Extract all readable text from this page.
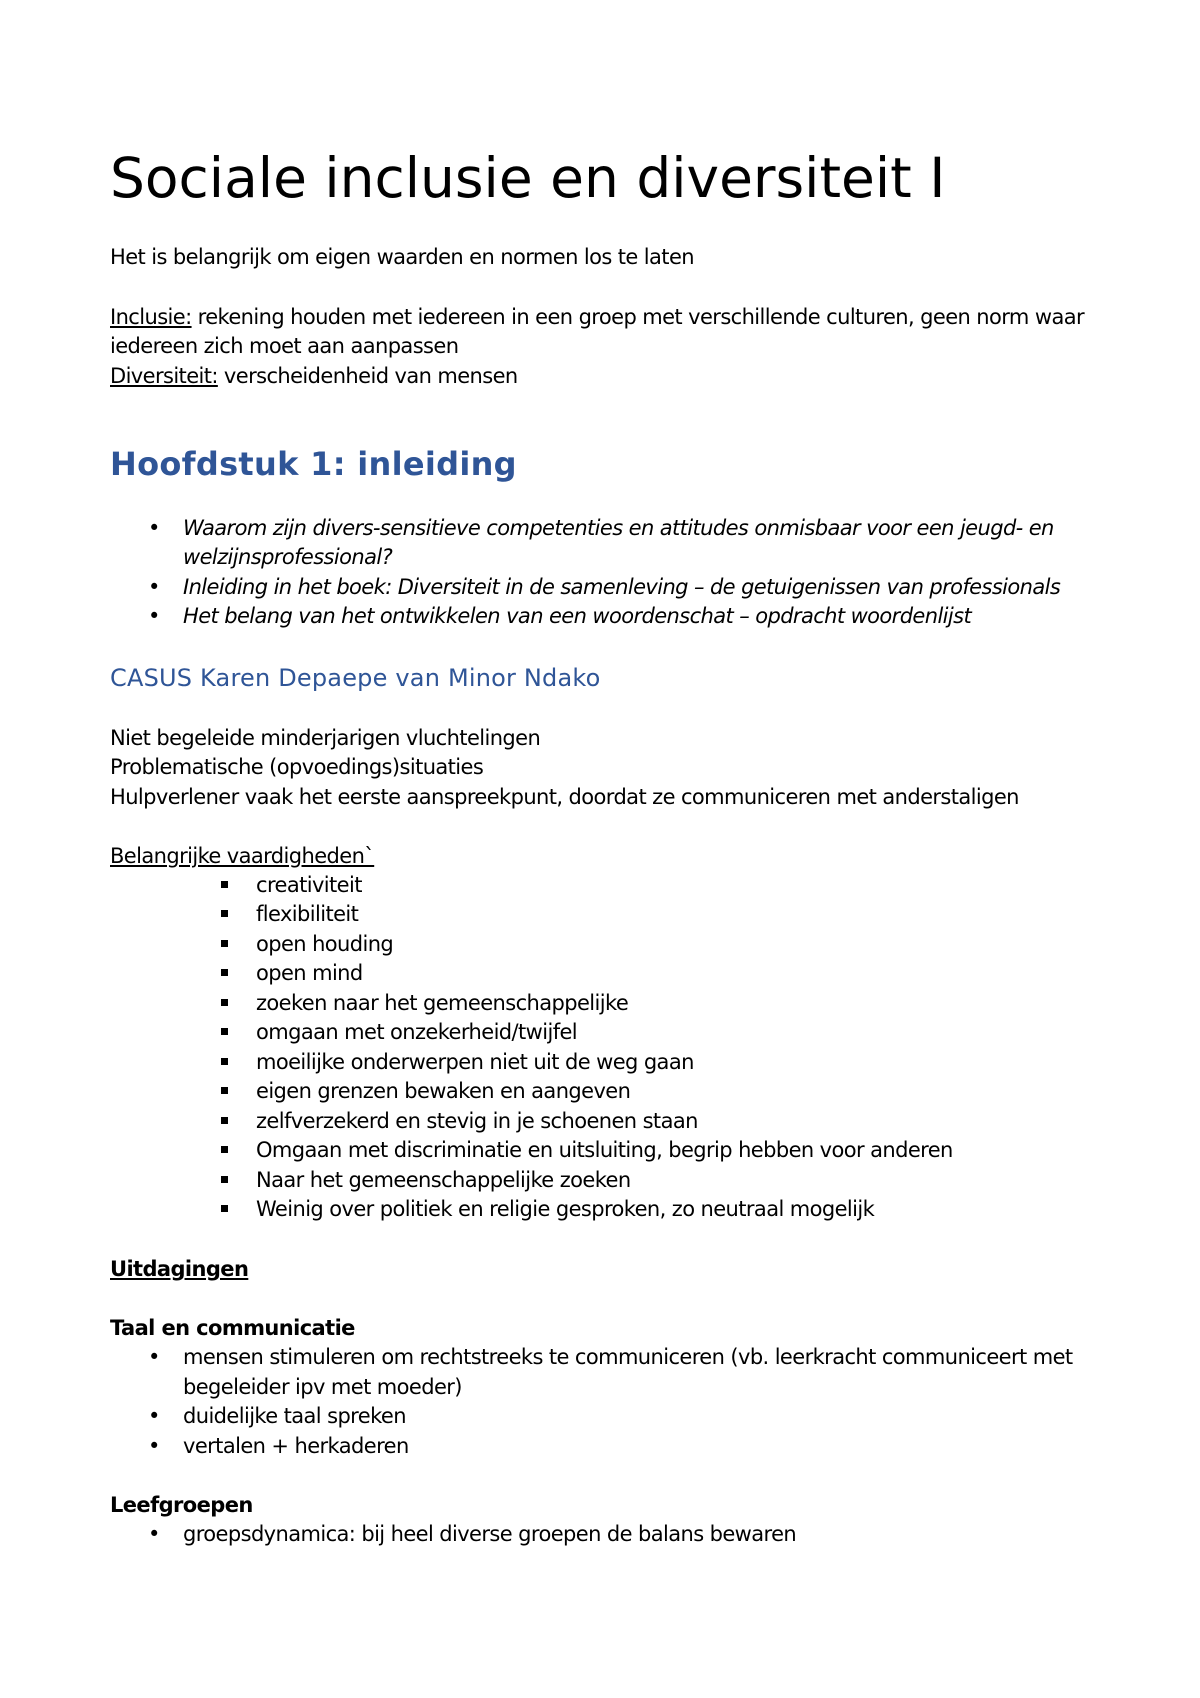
Sociale inclusie en diversiteit I
Het is belangrijk om eigen waarden en normen los te laten
Inclusie: rekening houden met iedereen in een groep met verschillende culturen, geen norm waar
iedereen zich moet aan aanpassen
Diversiteit: verscheidenheid van mensen
Hoofdstuk 1: inleiding
• Waarom zijn divers-sensitieve competenties en attitudes onmisbaar voor een jeugd- en
welzijnsprofessional?
• Inleiding in het boek: Diversiteit in de samenleving – de getuigenissen van professionals
• Het belang van het ontwikkelen van een woordenschat – opdracht woordenlijst
CASUS Karen Depaepe van Minor Ndako
Niet begeleide minderjarigen vluchtelingen
Problematische (opvoedings)situaties
Hulpverlener vaak het eerste aanspreekpunt, doordat ze communiceren met anderstaligen
Belangrijke vaardigheden`
creativiteit
flexibiliteit
open houding
open mind
zoeken naar het gemeenschappelijke
omgaan met onzekerheid/twijfel
moeilijke onderwerpen niet uit de weg gaan
eigen grenzen bewaken en aangeven
zelfverzekerd en stevig in je schoenen staan
Omgaan met discriminatie en uitsluiting, begrip hebben voor anderen
Naar het gemeenschappelijke zoeken
Weinig over politiek en religie gesproken, zo neutraal mogelijk
Uitdagingen
Taal en communicatie
• mensen stimuleren om rechtstreeks te communiceren (vb. leerkracht communiceert met
begeleider ipv met moeder)
• duidelijke taal spreken
• vertalen + herkaderen
Leefgroepen
• groepsdynamica: bij heel diverse groepen de balans bewaren
